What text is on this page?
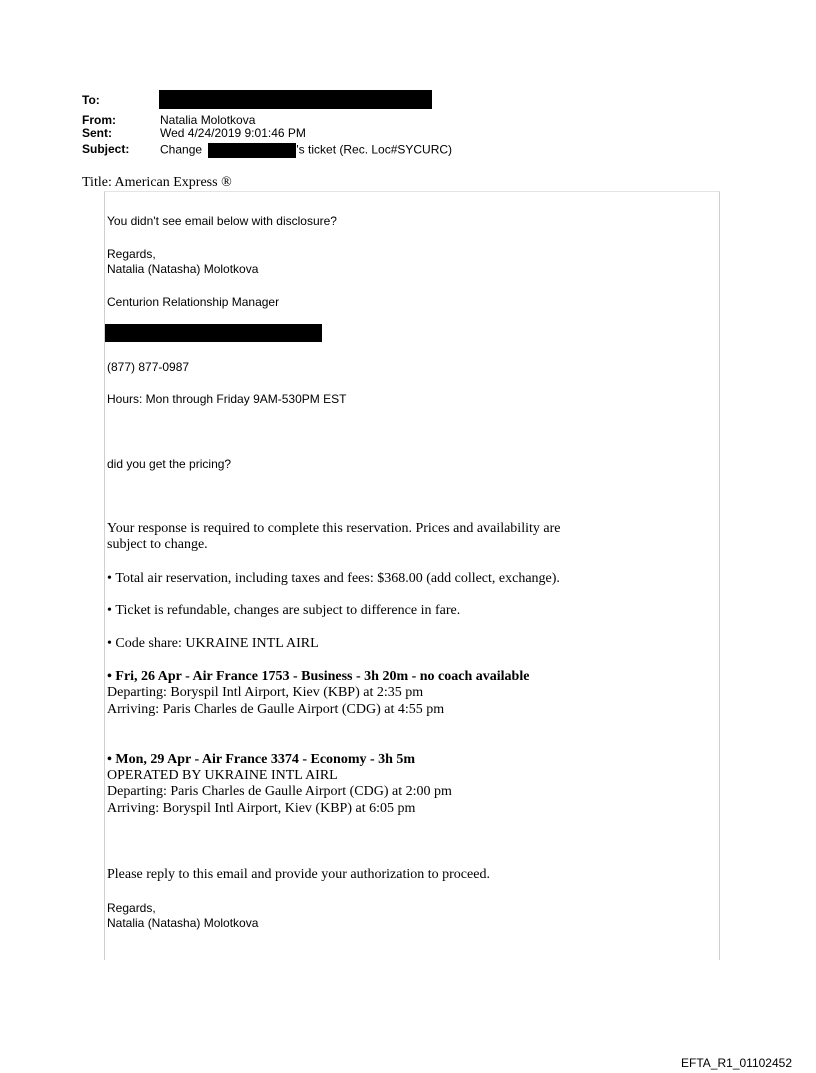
To:
From:	Natalia Molotkova
Sent:	Wed 4/24/2019 9:01:46 PM
Subject:	Change	's ticket (Rec. Loc#SYCURC)
Title: American Express ®
You didn't see email below with disclosure?
Regards,
Natalia (Natasha) Molotkova
Centurion Relationship Manager
(877) 877-0987
Hours: Mon through Friday 9AM-530PM EST
did you get the pricing?
Your response is required to complete this reservation. Prices and availability are
subject to change.
• Total air reservation, including taxes and fees: $368.00 (add collect, exchange).
• Ticket is refundable, changes are subject to difference in fare.
• Code share: UKRAINE INTL AIRL
• Fri, 26 Apr - Air France 1753 - Business - 3h 20m - no coach available
Departing: Boryspil Intl Airport, Kiev (KBP) at 2:35 pm
Arriving: Paris Charles de Gaulle Airport (CDG) at 4:55 pm
• Mon, 29 Apr - Air France 3374 - Economy - 3h 5m
OPERATED BY UKRAINE INTL AIRL
Departing: Paris Charles de Gaulle Airport (CDG) at 2:00 pm
Arriving: Boryspil Intl Airport, Kiev (KBP) at 6:05 pm
Please reply to this email and provide your authorization to proceed.
Regards,
Natalia (Natasha) Molotkova
EFTA_R1_01102452
